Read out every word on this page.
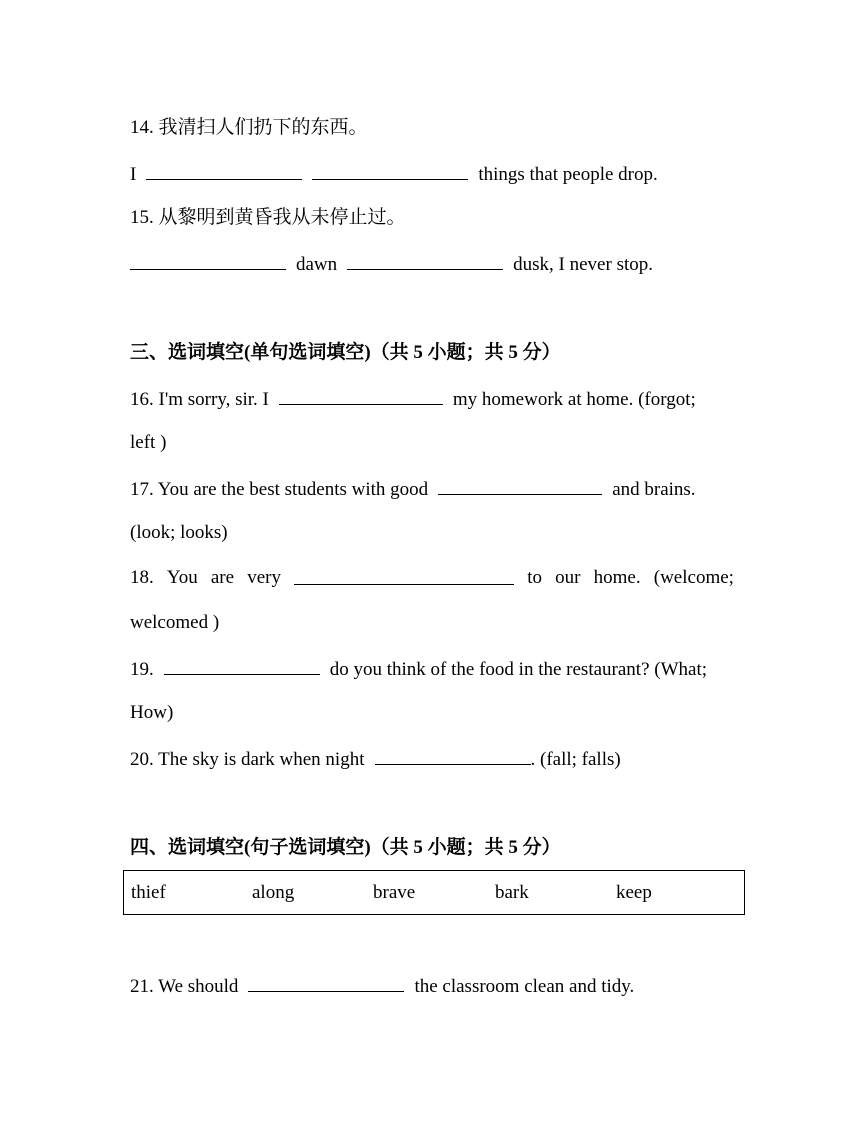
14. 我清扫人们扔下的东西。
I	things that people drop.
15. 从黎明到黄昏我从未停止过。
dawn	dusk, I never stop.
三、选词填空(单句选词填空)（共 5 小题；共 5 分）
16. I'm sorry, sir. I	my homework at home. (forgot;
left )
17. You are the best students with good	and brains.
(look; looks)
18. You are very	to our home. (welcome;
welcomed )
19.	do you think of the food in the restaurant? (What;
How)
20. The sky is dark when night	. (fall; falls)
四、选词填空(句子选词填空)（共 5 小题；共 5 分）
thief	along	brave	bark	keep
21. We should	the classroom clean and tidy.
